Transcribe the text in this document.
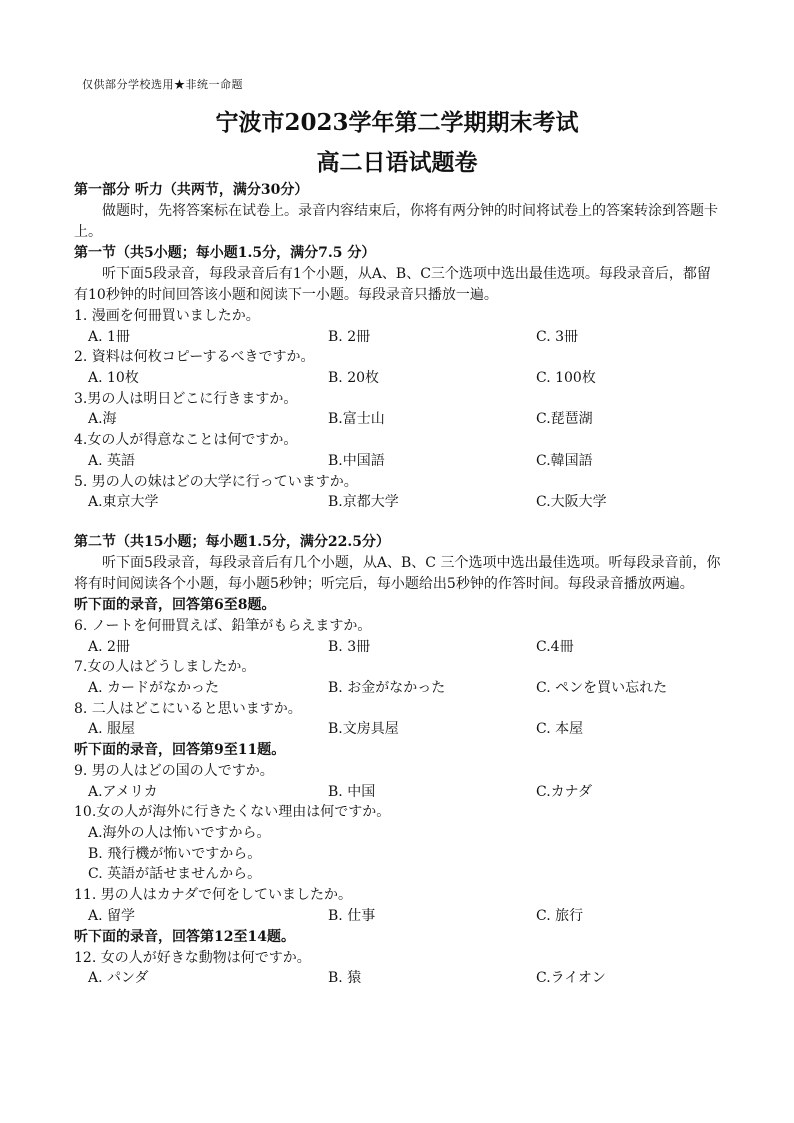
仅供部分学校选用★非统一命题
宁波市2023学年第二学期期末考试
高二日语试题卷
第一部分 听力（共两节，满分30分）
做题时，先将答案标在试卷上。录音内容结束后，你将有两分钟的时间将试卷上的答案转涂到答题卡上。
第一节（共5小题；每小题1.5分，满分7.5 分）
听下面5段录音，每段录音后有1个小题，从A、B、C三个选项中选出最佳选项。每段录音后，都留有10秒钟的时间回答该小题和阅读下一小题。每段录音只播放一遍。
1. 漫画を何冊買いましたか。
A. 1冊	B. 2冊	C. 3冊
2. 資料は何枚コピーするべきですか。
A. 10枚	B. 20枚	C. 100枚
3.男の人は明日どこに行きますか。
A.海	B.富士山	C.琵琶湖
4.女の人が得意なことは何ですか。
A. 英語	B.中国語	C.韓国語
5. 男の人の妹はどの大学に行っていますか。
A.東京大学	B.京都大学	C.大阪大学
第二节（共15小题；每小题1.5分，满分22.5分）
听下面5段录音，每段录音后有几个小题，从A、B、C 三个选项中选出最佳选项。听每段录音前，你将有时间阅读各个小题，每小题5秒钟；听完后，每小题给出5秒钟的作答时间。每段录音播放两遍。
听下面的录音，回答第6至8题。
6. ノートを何冊買えば、鉛筆がもらえますか。
A. 2冊	B. 3冊	C.4冊
7.女の人はどうしましたか。
A. カードがなかった	B. お金がなかった	C. ペンを買い忘れた
8. 二人はどこにいると思いますか。
A. 服屋	B.文房具屋	C. 本屋
听下面的录音，回答第9至11题。
9. 男の人はどの国の人ですか。
A.アメリカ	B. 中国	C.カナダ
10.女の人が海外に行きたくない理由は何ですか。
A.海外の人は怖いですから。
B. 飛行機が怖いですから。
C. 英語が話せませんから。
11. 男の人はカナダで何をしていましたか。
A. 留学	B. 仕事	C. 旅行
听下面的录音，回答第12至14题。
12. 女の人が好きな動物は何ですか。
A. パンダ	B. 猿	C.ライオン
